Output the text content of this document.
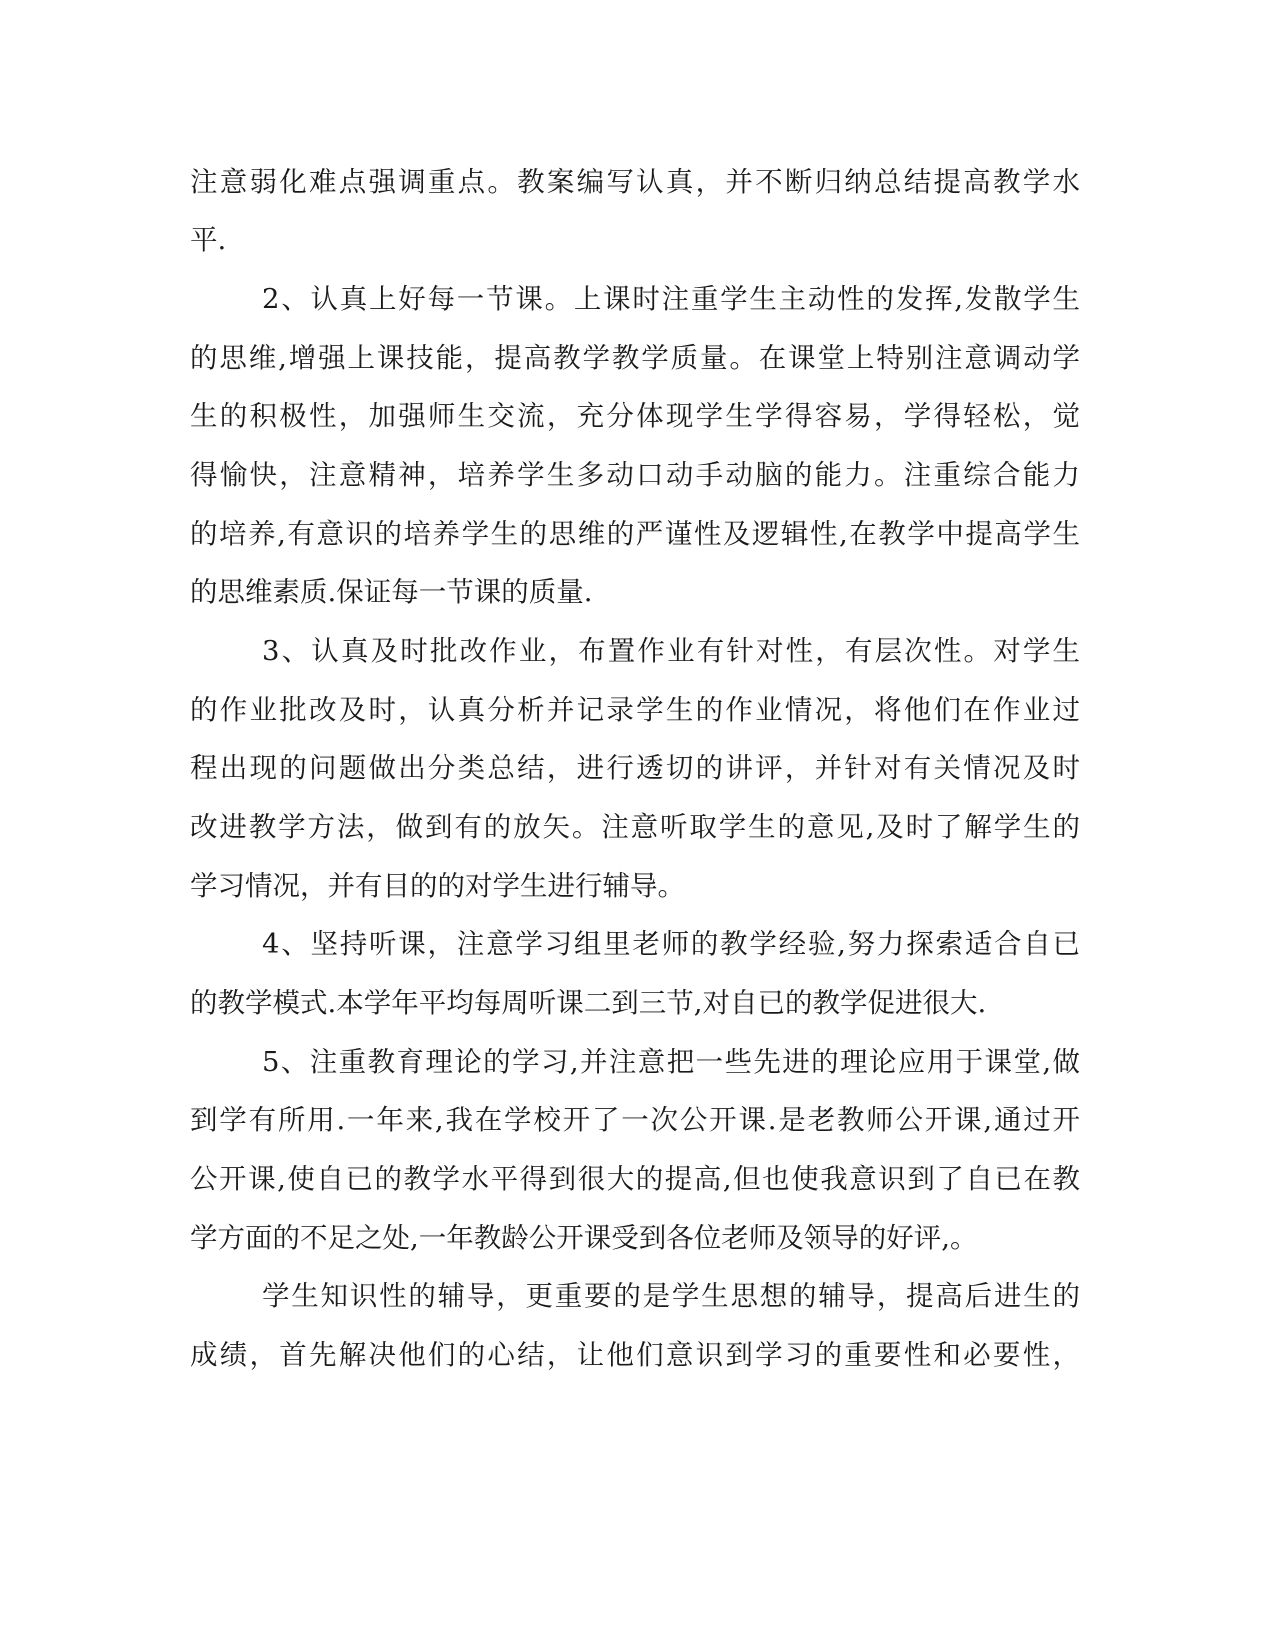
注意弱化难点强调重点。教案编写认真，并不断归纳总结提高教学水

平.

2、认真上好每一节课。上课时注重学生主动性的发挥,发散学生

的思维,增强上课技能，提高教学教学质量。在课堂上特别注意调动学

生的积极性，加强师生交流，充分体现学生学得容易，学得轻松，觉

得愉快，注意精神，培养学生多动口动手动脑的能力。注重综合能力

的培养,有意识的培养学生的思维的严谨性及逻辑性,在教学中提高学生

的思维素质.保证每一节课的质量.

3、认真及时批改作业，布置作业有针对性，有层次性。对学生

的作业批改及时，认真分析并记录学生的作业情况，将他们在作业过

程出现的问题做出分类总结，进行透切的讲评，并针对有关情况及时

改进教学方法，做到有的放矢。注意听取学生的意见,及时了解学生的

学习情况，并有目的的对学生进行辅导。

4、坚持听课，注意学习组里老师的教学经验,努力探索适合自已

的教学模式.本学年平均每周听课二到三节,对自已的教学促进很大.

5、注重教育理论的学习,并注意把一些先进的理论应用于课堂,做

到学有所用.一年来,我在学校开了一次公开课.是老教师公开课,通过开

公开课,使自已的教学水平得到很大的提高,但也使我意识到了自已在教

学方面的不足之处,一年教龄公开课受到各位老师及领导的好评,。

学生知识性的辅导，更重要的是学生思想的辅导，提高后进生的

成绩，首先解决他们的心结，让他们意识到学习的重要性和必要性，
